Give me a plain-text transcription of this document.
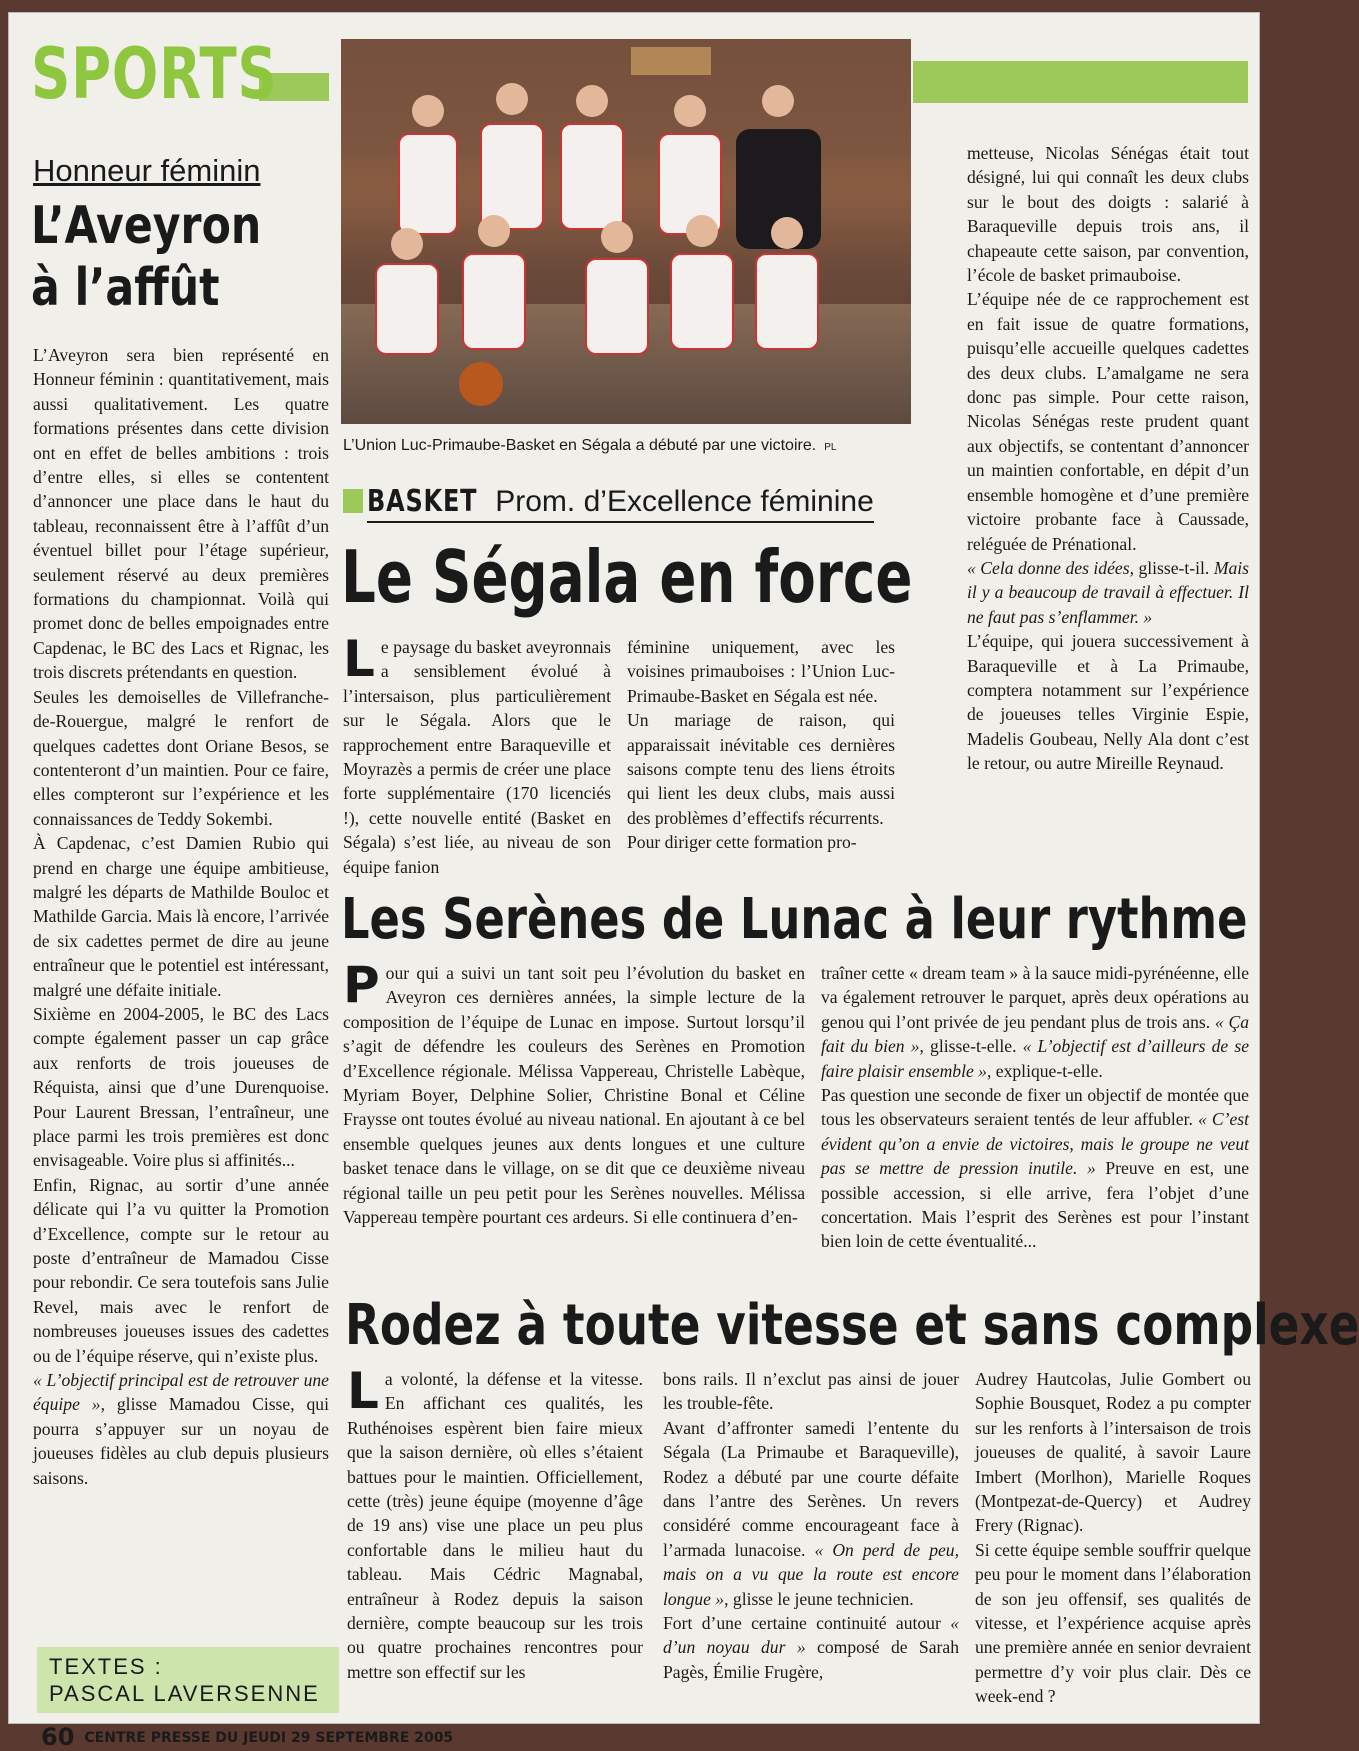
SPORTS
Honneur féminin
L’Aveyron
à l’affût

L’Aveyron sera bien représenté en Honneur féminin : quantitativement, mais aussi qualitativement. Les quatre formations présentes dans cette division ont en effet de belles ambitions : trois d’entre elles, si elles se contentent d’annoncer une place dans le haut du tableau, reconnaissent être à l’affût d’un éventuel billet pour l’étage supérieur, seulement réservé au deux premières formations du championnat. Voilà qui promet donc de belles empoignades entre Capdenac, le BC des Lacs et Rignac, les trois discrets prétendants en question.

Seules les demoiselles de Villefranche-de-Rouergue, malgré le renfort de quelques cadettes dont Oriane Besos, se contenteront d’un maintien. Pour ce faire, elles compteront sur l’expérience et les connaissances de Teddy Sokembi.

À Capdenac, c’est Damien Rubio qui prend en charge une équipe ambitieuse, malgré les départs de Mathilde Bouloc et Mathilde Garcia. Mais là encore, l’arrivée de six cadettes permet de dire au jeune entraîneur que le potentiel est intéressant, malgré une défaite initiale.

Sixième en 2004-2005, le BC des Lacs compte également passer un cap grâce aux renforts de trois joueuses de Réquista, ainsi que d’une Durenquoise. Pour Laurent Bressan, l’entraîneur, une place parmi les trois premières est donc envisageable. Voire plus si affinités...

Enfin, Rignac, au sortir d’une année délicate qui l’a vu quitter la Promotion d’Excellence, compte sur le retour au poste d’entraîneur de Mamadou Cisse pour rebondir. Ce sera toutefois sans Julie Revel, mais avec le renfort de nombreuses joueuses issues des cadettes ou de l’équipe réserve, qui n’existe plus.

« L’objectif principal est de retrouver une équipe », glisse Mamadou Cisse, qui pourra s’appuyer sur un noyau de joueuses fidèles au club depuis plusieurs saisons.

L’Union Luc-Primaube-Basket en Ségala a débuté par une victoire. PL
BASKET Prom. d’Excellence féminine
Le Ségala en force
Le paysage du basket aveyronnais a sensiblement évolué à l’intersaison, plus particulièrement sur le Ségala. Alors que le rapprochement entre Baraqueville et Moyrazès a permis de créer une place forte supplémentaire (170 licenciés !), cette nouvelle entité (Basket en Ségala) s’est liée, au niveau de son équipe fanion

féminine uniquement, avec les voisines primauboises : l’Union Luc-Primaube-Basket en Ségala est née.

Un mariage de raison, qui apparaissait inévitable ces dernières saisons compte tenu des liens étroits qui lient les deux clubs, mais aussi des problèmes d’effectifs récurrents.

Pour diriger cette formation pro-

metteuse, Nicolas Sénégas était tout désigné, lui qui connaît les deux clubs sur le bout des doigts : salarié à Baraqueville depuis trois ans, il chapeaute cette saison, par convention, l’école de basket primauboise.

L’équipe née de ce rapprochement est en fait issue de quatre formations, puisqu’elle accueille quelques cadettes des deux clubs. L’amalgame ne sera donc pas simple. Pour cette raison, Nicolas Sénégas reste prudent quant aux objectifs, se contentant d’annoncer un maintien confortable, en dépit d’un ensemble homogène et d’une première victoire probante face à Caussade, reléguée de Prénational.

« Cela donne des idées, glisse-t-il. Mais il y a beaucoup de travail à effectuer. Il ne faut pas s’enflammer. »

L’équipe, qui jouera successivement à Baraqueville et à La Primaube, comptera notamment sur l’expérience de joueuses telles Virginie Espie, Madelis Goubeau, Nelly Ala dont c’est le retour, ou autre Mireille Reynaud.

Les Serènes de Lunac à leur rythme
Pour qui a suivi un tant soit peu l’évolution du basket en Aveyron ces dernières années, la simple lecture de la composition de l’équipe de Lunac en impose. Surtout lorsqu’il s’agit de défendre les couleurs des Serènes en Promotion d’Excellence régionale. Mélissa Vappereau, Christelle Labèque, Myriam Boyer, Delphine Solier, Christine Bonal et Céline Fraysse ont toutes évolué au niveau national. En ajoutant à ce bel ensemble quelques jeunes aux dents longues et une culture basket tenace dans le village, on se dit que ce deuxième niveau régional taille un peu petit pour les Serènes nouvelles. Mélissa Vappereau tempère pourtant ces ardeurs. Si elle continuera d’en-

traîner cette « dream team » à la sauce midi-pyrénéenne, elle va également retrouver le parquet, après deux opérations au genou qui l’ont privée de jeu pendant plus de trois ans. « Ça fait du bien », glisse-t-elle. « L’objectif est d’ailleurs de se faire plaisir ensemble », explique-t-elle.

Pas question une seconde de fixer un objectif de montée que tous les observateurs seraient tentés de leur affubler. « C’est évident qu’on a envie de victoires, mais le groupe ne veut pas se mettre de pression inutile. » Preuve en est, une possible accession, si elle arrive, fera l’objet d’une concertation. Mais l’esprit des Serènes est pour l’instant bien loin de cette éventualité...

Rodez à toute vitesse et sans complexe
La volonté, la défense et la vitesse. En affichant ces qualités, les Ruthénoises espèrent bien faire mieux que la saison dernière, où elles s’étaient battues pour le maintien. Officiellement, cette (très) jeune équipe (moyenne d’âge de 19 ans) vise une place un peu plus confortable dans le milieu haut du tableau. Mais Cédric Magnabal, entraîneur à Rodez depuis la saison dernière, compte beaucoup sur les trois ou quatre prochaines rencontres pour mettre son effectif sur les

bons rails. Il n’exclut pas ainsi de jouer les trouble-fête.

Avant d’affronter samedi l’entente du Ségala (La Primaube et Baraqueville), Rodez a débuté par une courte défaite dans l’antre des Serènes. Un revers considéré comme encourageant face à l’armada lunacoise. « On perd de peu, mais on a vu que la route est encore longue », glisse le jeune technicien.

Fort d’une certaine continuité autour « d’un noyau dur » composé de Sarah Pagès, Émilie Frugère,

Audrey Hautcolas, Julie Gombert ou Sophie Bousquet, Rodez a pu compter sur les renforts à l’intersaison de trois joueuses de qualité, à savoir Laure Imbert (Morlhon), Marielle Roques (Montpezat-de-Quercy) et Audrey Frery (Rignac).

Si cette équipe semble souffrir quelque peu pour le moment dans l’élaboration de son jeu offensif, ses qualités de vitesse, et l’expérience acquise après une première année en senior devraient permettre d’y voir plus clair. Dès ce week-end ?

TEXTES :
PASCAL LAVERSENNE
60 CENTRE PRESSE DU JEUDI 29 SEPTEMBRE 2005
